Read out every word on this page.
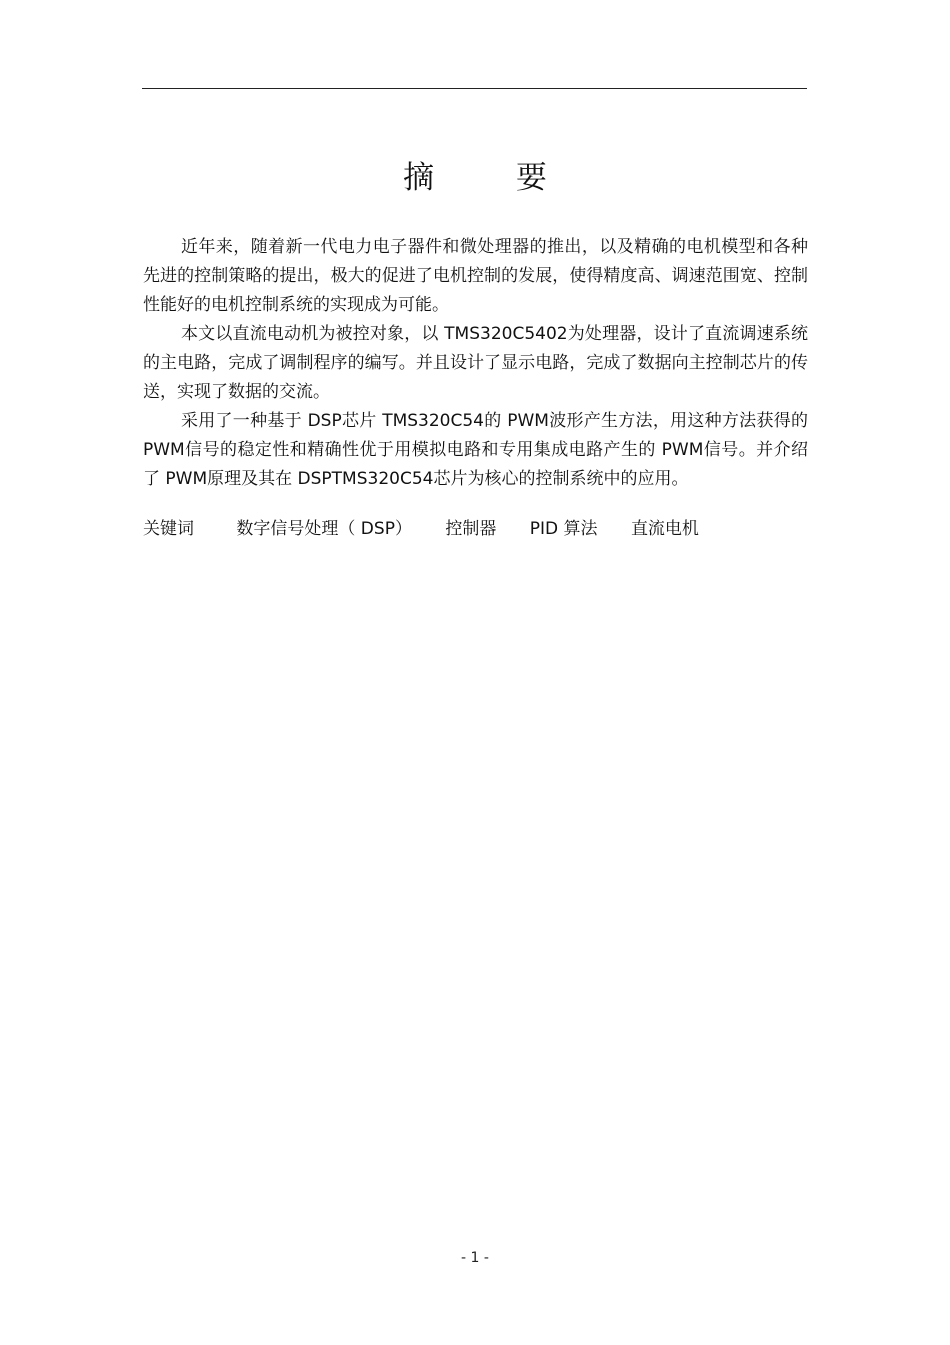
摘 要

近年来，随着新一代电力电子器件和微处理器的推出，以及精确的电机模型和各种先进的控制策略的提出，极大的促进了电机控制的发展，使得精度高、调速范围宽、控制性能好的电机控制系统的实现成为可能。

本文以直流电动机为被控对象，以 TMS320C5402为处理器，设计了直流调速系统的主电路，完成了调制程序的编写。并且设计了显示电路，完成了数据向主控制芯片的传送，实现了数据的交流。

采用了一种基于 DSP芯片 TMS320C54的 PWM波形产生方法，用这种方法获得的 PWM信号的稳定性和精确性优于用模拟电路和专用集成电路产生的 PWM信号。并介绍了 PWM原理及其在 DSPTMS320C54芯片为核心的控制系统中的应用。

关键词 数字信号处理（ DSP） 控制器 PID 算法 直流电机
- 1 -
